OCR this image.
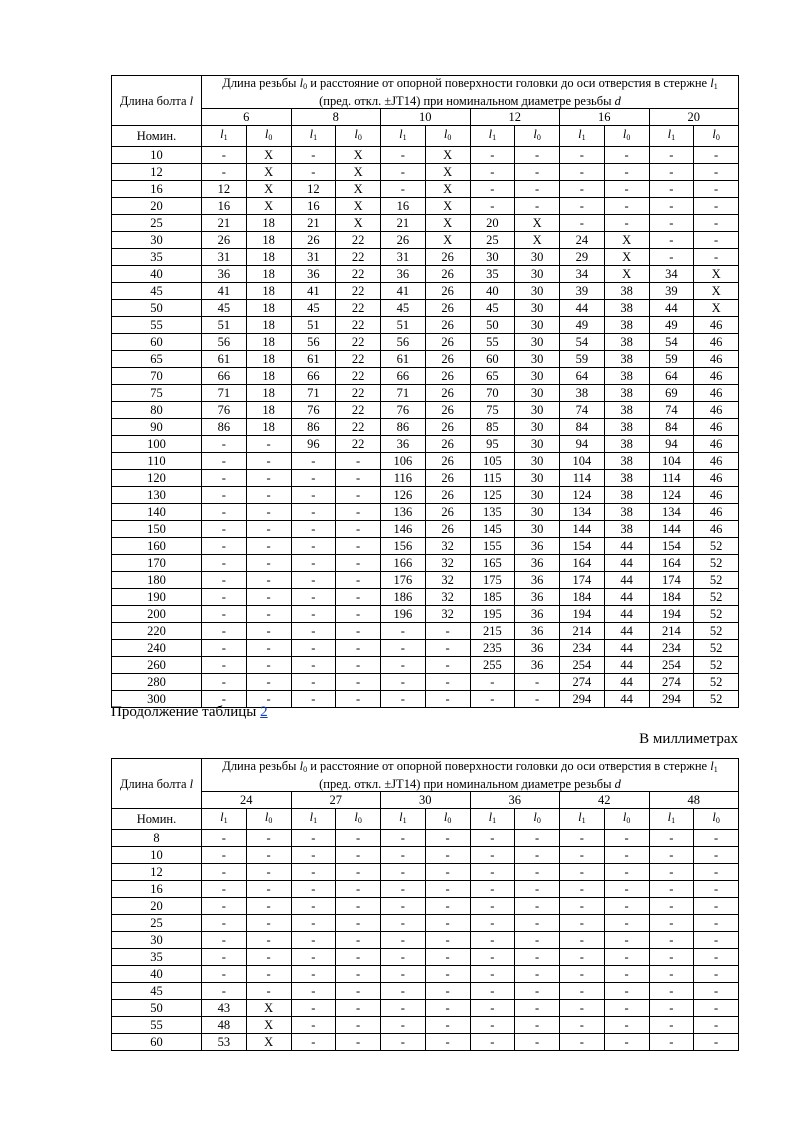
Длина болта l	Длина резьбы $l_0$ и расстояние от опорной поверхности головки до оси отверстия в стержне $l_1$
(пред. откл. ±JT14) при номинальном диаметре резьбы d											
	6		8		10		12		16		20	
Номин.	$l_1$	$l_0$	$l_1$	$l_0$	$l_1$	$l_0$	$l_1$	$l_0$	$l_1$	$l_0$	$l_1$	$l_0$
10	-	X	-	X	-	X	-	-	-	-	-	-
12	-	X	-	X	-	X	-	-	-	-	-	-
16	12	X	12	X	-	X	-	-	-	-	-	-
20	16	X	16	X	16	X	-	-	-	-	-	-
25	21	18	21	X	21	X	20	X	-	-	-	-
30	26	18	26	22	26	X	25	X	24	X	-	-
35	31	18	31	22	31	26	30	30	29	X	-	-
40	36	18	36	22	36	26	35	30	34	X	34	X
45	41	18	41	22	41	26	40	30	39	38	39	X
50	45	18	45	22	45	26	45	30	44	38	44	X
55	51	18	51	22	51	26	50	30	49	38	49	46
60	56	18	56	22	56	26	55	30	54	38	54	46
65	61	18	61	22	61	26	60	30	59	38	59	46
70	66	18	66	22	66	26	65	30	64	38	64	46
75	71	18	71	22	71	26	70	30	38	38	69	46
80	76	18	76	22	76	26	75	30	74	38	74	46
90	86	18	86	22	86	26	85	30	84	38	84	46
100	-	-	96	22	36	26	95	30	94	38	94	46
110	-	-	-	-	106	26	105	30	104	38	104	46
120	-	-	-	-	116	26	115	30	114	38	114	46
130	-	-	-	-	126	26	125	30	124	38	124	46
140	-	-	-	-	136	26	135	30	134	38	134	46
150	-	-	-	-	146	26	145	30	144	38	144	46
160	-	-	-	-	156	32	155	36	154	44	154	52
170	-	-	-	-	166	32	165	36	164	44	164	52
180	-	-	-	-	176	32	175	36	174	44	174	52
190	-	-	-	-	186	32	185	36	184	44	184	52
200	-	-	-	-	196	32	195	36	194	44	194	52
220	-	-	-	-	-	-	215	36	214	44	214	52
240	-	-	-	-	-	-	235	36	234	44	234	52
260	-	-	-	-	-	-	255	36	254	44	254	52
280	-	-	-	-	-	-	-	-	274	44	274	52
300	-	-	-	-	-	-	-	-	294	44	294	52
Продолжение таблицы 2
В миллиметрах
Длина болта l	Длина резьбы $l_0$ и расстояние от опорной поверхности головки до оси отверстия в стержне $l_1$
(пред. откл. ±JT14) при номинальном диаметре резьбы d											
	24		27		30		36		42		48	
Номин.	$l_1$	$l_0$	$l_1$	$l_0$	$l_1$	$l_0$	$l_1$	$l_0$	$l_1$	$l_0$	$l_1$	$l_0$
8	-	-	-	-	-	-	-	-	-	-	-	-
10	-	-	-	-	-	-	-	-	-	-	-	-
12	-	-	-	-	-	-	-	-	-	-	-	-
16	-	-	-	-	-	-	-	-	-	-	-	-
20	-	-	-	-	-	-	-	-	-	-	-	-
25	-	-	-	-	-	-	-	-	-	-	-	-
30	-	-	-	-	-	-	-	-	-	-	-	-
35	-	-	-	-	-	-	-	-	-	-	-	-
40	-	-	-	-	-	-	-	-	-	-	-	-
45	-	-	-	-	-	-	-	-	-	-	-	-
50	43	X	-	-	-	-	-	-	-	-	-	-
55	48	X	-	-	-	-	-	-	-	-	-	-
60	53	X	-	-	-	-	-	-	-	-	-	-
